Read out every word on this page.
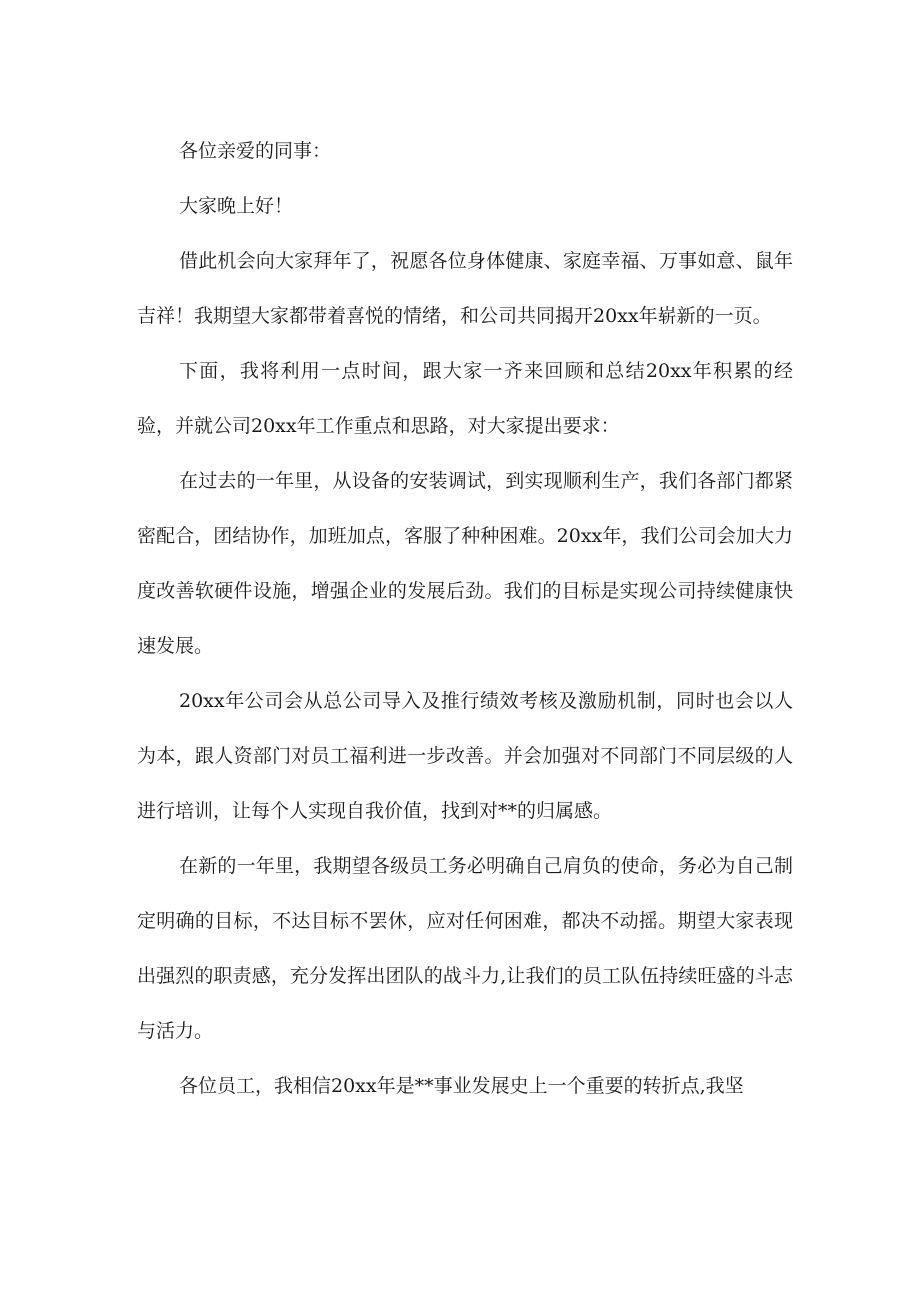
各位亲爱的同事：

大家晚上好！

借此机会向大家拜年了，祝愿各位身体健康、家庭幸福、万事如意、鼠年吉祥！我期望大家都带着喜悦的情绪，和公司共同揭开20xx年崭新的一页。

下面，我将利用一点时间，跟大家一齐来回顾和总结20xx年积累的经验，并就公司20xx年工作重点和思路，对大家提出要求：

在过去的一年里，从设备的安装调试，到实现顺利生产，我们各部门都紧密配合，团结协作，加班加点，客服了种种困难。20xx年，我们公司会加大力度改善软硬件设施，增强企业的发展后劲。我们的目标是实现公司持续健康快速发展。

20xx年公司会从总公司导入及推行绩效考核及激励机制，同时也会以人为本，跟人资部门对员工福利进一步改善。并会加强对不同部门不同层级的人进行培训，让每个人实现自我价值，找到对**的归属感。

在新的一年里，我期望各级员工务必明确自己肩负的使命，务必为自己制定明确的目标，不达目标不罢休，应对任何困难，都决不动摇。期望大家表现出强烈的职责感，充分发挥出团队的战斗力,让我们的员工队伍持续旺盛的斗志与活力。

各位员工，我相信20xx年是**事业发展史上一个重要的转折点,我坚
